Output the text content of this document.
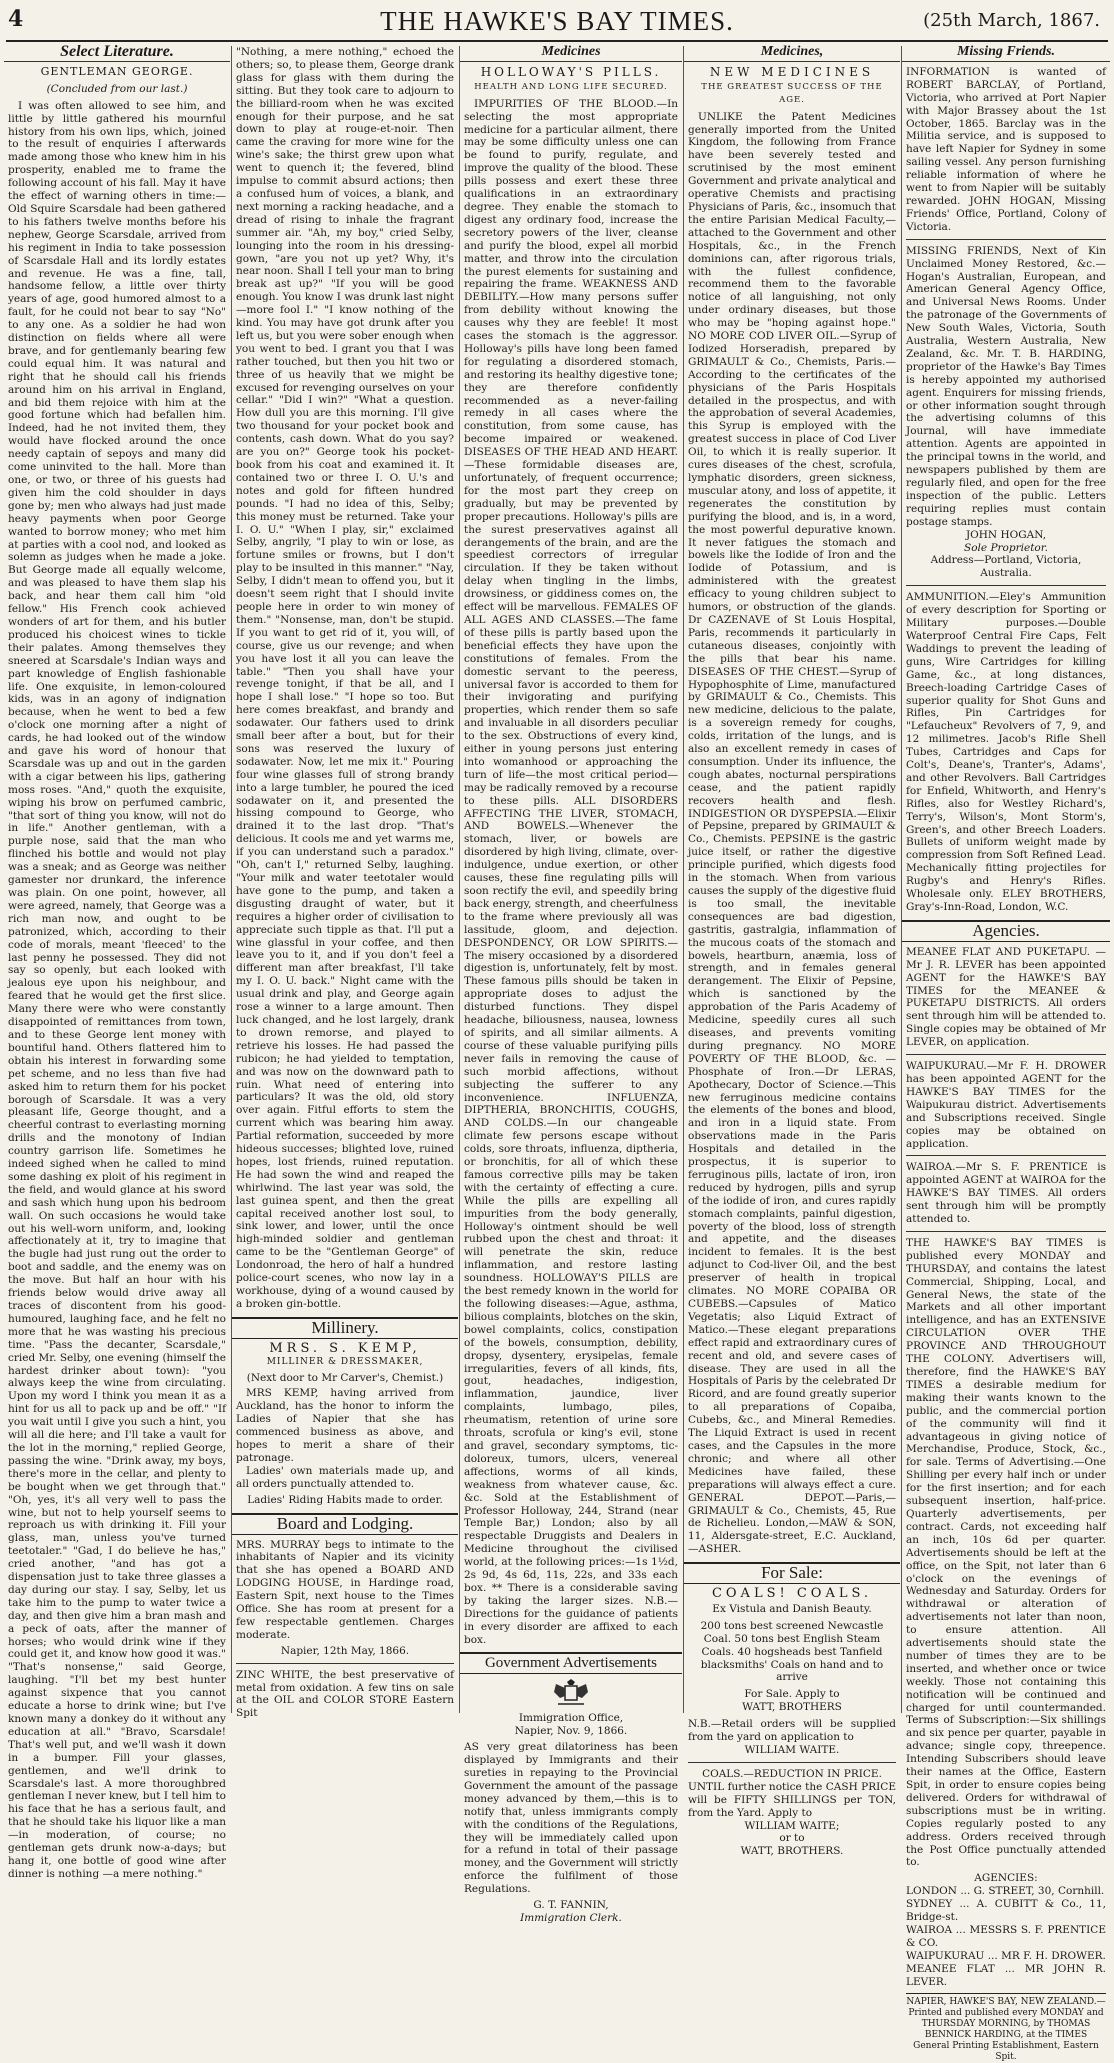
4	THE HAWKE'S BAY TIMES.	(25th March, 1867.
Select Literature.
GENTLEMAN GEORGE.
(Concluded from our last.)

I was often allowed to see him, and little by little gathered his mournful history from his own lips, which, joined to the result of enquiries I afterwards made among those who knew him in his prosperity, enabled me to frame the following account of his fall. May it have the effect of warning others in time:— Old Squire Scarsdale had been gathered to his fathers twelve months before his nephew, George Scarsdale, arrived from his regiment in India to take possession of Scarsdale Hall and its lordly estates and revenue. He was a fine, tall, handsome fellow, a little over thirty years of age, good humored almost to a fault, for he could not bear to say "No" to any one. As a soldier he had won distinction on fields where all were brave, and for gentlemanly bearing few could equal him. It was natural and right that he should call his friends around him on his arrival in England, and bid them rejoice with him at the good fortune which had befallen him. Indeed, had he not invited them, they would have flocked around the once needy captain of sepoys and many did come uninvited to the hall. More than one, or two, or three of his guests had given him the cold shoulder in days gone by; men who always had just made heavy payments when poor George wanted to borrow money; who met him at parties with a cool nod, and looked as solemn as judges when he made a joke. But George made all equally welcome, and was pleased to have them slap his back, and hear them call him "old fellow." His French cook achieved wonders of art for them, and his butler produced his choicest wines to tickle their palates. Among themselves they sneered at Scarsdale's Indian ways and part knowledge of English fashionable life. One exquisite, in lemon-coloured kids, was in an agony of indignation because, when he went to bed a few o'clock one morning after a night of cards, he had looked out of the window and gave his word of honour that Scarsdale was up and out in the garden with a cigar between his lips, gathering moss roses. "And," quoth the exquisite, wiping his brow on perfumed cambric, "that sort of thing you know, will not do in life." Another gentleman, with a purple nose, said that the man who flinched his bottle and would not play was a sneak; and as George was neither gamester nor drunkard, the inference was plain. On one point, however, all were agreed, namely, that George was a rich man now, and ought to be patronized, which, according to their code of morals, meant 'fleeced' to the last penny he possessed. They did not say so openly, but each looked with jealous eye upon his neighbour, and feared that he would get the first slice. Many there were who were constantly disappointed of remittances from town, and to these George lent money with bountiful hand. Others flattered him to obtain his interest in forwarding some pet scheme, and no less than five had asked him to return them for his pocket borough of Scarsdale. It was a very pleasant life, George thought, and a cheerful contrast to everlasting morning drills and the monotony of Indian country garrison life. Sometimes he indeed sighed when he called to mind some dashing ex ploit of his regiment in the field, and would glance at his sword and sash which hung upon his bedroom wall. On such occasions he would take out his well-worn uniform, and, looking affectionately at it, try to imagine that the bugle had just rung out the order to boot and saddle, and the enemy was on the move. But half an hour with his friends below would drive away all traces of discontent from his good-humoured, laughing face, and he felt no more that he was wasting his precious time. "Pass the decanter, Scarsdale," cried Mr. Selby, one evening (himself the hardest drinker about town): "you always keep the wine from circulating. Upon my word I think you mean it as a hint for us all to pack up and be off." "If you wait until I give you such a hint, you will all die here; and I'll take a vault for the lot in the morning," replied George, passing the wine. "Drink away, my boys, there's more in the cellar, and plenty to be bought when we get through that." "Oh, yes, it's all very well to pass the wine, but not to help yourself seems to reproach us with drinking it. Fill your glass, man, unless you've turned teetotaler." "Gad, I do believe he has," cried another, "and has got a dispensation just to take three glasses a day during our stay. I say, Selby, let us take him to the pump to water twice a day, and then give him a bran mash and a peck of oats, after the manner of horses; who would drink wine if they could get it, and know how good it was." "That's nonsense," said George, laughing. "I'll bet my best hunter against sixpence that you cannot educate a horse to drink wine; but I've known many a donkey do it without any education at all." "Bravo, Scarsdale! That's well put, and we'll wash it down in a bumper. Fill your glasses, gentlemen, and we'll drink to Scarsdale's last. A more thoroughbred gentleman I never knew, but I tell him to his face that he has a serious fault, and that he should take his liquor like a man —in moderation, of course; no gentleman gets drunk now-a-days; but hang it, one bottle of good wine after dinner is nothing —a mere nothing."

"Nothing, a mere nothing," echoed the others; so, to please them, George drank glass for glass with them during the sitting. But they took care to adjourn to the billiard-room when he was excited enough for their purpose, and he sat down to play at rouge-et-noir. Then came the craving for more wine for the wine's sake; the thirst grew upon what went to quench it; the fevered, blind impulse to commit absurd actions; then a confused hum of voices, a blank, and next morning a racking headache, and a dread of rising to inhale the fragrant summer air. "Ah, my boy," cried Selby, lounging into the room in his dressing-gown, "are you not up yet? Why, it's near noon. Shall I tell your man to bring break ast up?" "If you will be good enough. You know I was drunk last night—more fool I." "I know nothing of the kind. You may have got drunk after you left us, but you were sober enough when you went to bed. I grant you that I was rather touched, but then you hit two or three of us heavily that we might be excused for revenging ourselves on your cellar." "Did I win?" "What a question. How dull you are this morning. I'll give two thousand for your pocket book and contents, cash down. What do you say? are you on?" George took his pocket-book from his coat and examined it. It contained two or three I. O. U.'s and notes and gold for fifteen hundred pounds. "I had no idea of this, Selby; this money must be returned. Take your I. O. U." "When I play, sir," exclaimed Selby, angrily, "I play to win or lose, as fortune smiles or frowns, but I don't play to be insulted in this manner." "Nay, Selby, I didn't mean to offend you, but it doesn't seem right that I should invite people here in order to win money of them." "Nonsense, man, don't be stupid. If you want to get rid of it, you will, of course, give us our revenge; and when you have lost it all you can leave the table." "Then you shall have your revenge tonight, if that be all, and I hope I shall lose." "I hope so too. But here comes breakfast, and brandy and sodawater. Our fathers used to drink small beer after a bout, but for their sons was reserved the luxury of sodawater. Now, let me mix it." Pouring four wine glasses full of strong brandy into a large tumbler, he poured the iced sodawater on it, and presented the hissing compound to George, who drained it to the last drop. "That's delicious. It cools me and yet warms me, if you can understand such a paradox." "Oh, can't I," returned Selby, laughing. "Your milk and water teetotaler would have gone to the pump, and taken a disgusting draught of water, but it requires a higher order of civilisation to appreciate such tipple as that. I'll put a wine glassful in your coffee, and then leave you to it, and if you don't feel a different man after breakfast, I'll take my I. O. U. back." Night came with the usual drink and play, and George again rose a winner to a large amount. Then luck changed, and he lost largely, drank to drown remorse, and played to retrieve his losses. He had passed the rubicon; he had yielded to temptation, and was now on the downward path to ruin. What need of entering into particulars? It was the old, old story over again. Fitful efforts to stem the current which was bearing him away. Partial reformation, succeeded by more hideous successes; blighted love, ruined hopes, lost friends, ruined reputation. He had sown the wind and reaped the whirlwind. The last year was sold, the last guinea spent, and then the great capital received another lost soul, to sink lower, and lower, until the once high-minded soldier and gentleman came to be the "Gentleman George" of Londonroad, the hero of half a hundred police-court scenes, who now lay in a workhouse, dying of a wound caused by a broken gin-bottle.

Millinery.
MRS. S. KEMP,
MILLINER & DRESSMAKER,
(Next door to Mr Carver's, Chemist.)

MRS KEMP, having arrived from Auckland, has the honor to inform the Ladies of Napier that she has commenced business as above, and hopes to merit a share of their patronage.

Ladies' own materials made up, and all orders punctually attended to.

Ladies' Riding Habits made to order.
Board and Lodging.

MRS. MURRAY begs to intimate to the inhabitants of Napier and its vicinity that she has opened a BOARD AND LODGING HOUSE, in Hardinge road, Eastern Spit, next house to the Times Office. She has room at present for a few respectable gentlemen. Charges moderate.

Napier, 12th May, 1866.

ZINC WHITE, the best preservative of metal from oxidation. A few tins on sale at the OIL and COLOR STORE Eastern Spit

Medicines
HOLLOWAY'S PILLS.
HEALTH AND LONG LIFE SECURED.

IMPURITIES OF THE BLOOD.—In selecting the most appropriate medicine for a particular ailment, there may be some difficulty unless one can be found to purify, regulate, and improve the quality of the blood. These pills possess and exert these three qualifications in an extraordinary degree. They enable the stomach to digest any ordinary food, increase the secretory powers of the liver, cleanse and purify the blood, expel all morbid matter, and throw into the circulation the purest elements for sustaining and repairing the frame. WEAKNESS AND DEBILITY.—How many persons suffer from debility without knowing the causes why they are feeble! It most cases the stomach is the aggressor. Holloway's pills have long been famed for regulating a disordered stomach, and restoring its healthy digestive tone; they are therefore confidently recommended as a never-failing remedy in all cases where the constitution, from some cause, has become impaired or weakened. DISEASES OF THE HEAD AND HEART.—These formidable diseases are, unfortunately, of frequent occurrence; for the most part they creep on gradually, but may be prevented by proper precautions. Holloway's pills are the surest preservatives against all derangements of the brain, and are the speediest correctors of irregular circulation. If they be taken without delay when tingling in the limbs, drowsiness, or giddiness comes on, the effect will be marvellous. FEMALES OF ALL AGES AND CLASSES.—The fame of these pills is partly based upon the beneficial effects they have upon the constitutions of females. From the domestic servant to the peeress, universal favor is accorded to them for their invigorating and purifying properties, which render them so safe and invaluable in all disorders peculiar to the sex. Obstructions of every kind, either in young persons just entering into womanhood or approaching the turn of life—the most critical period—may be radically removed by a recourse to these pills. ALL DISORDERS AFFECTING THE LIVER, STOMACH, AND BOWELS.—Whenever the stomach, liver, or bowels are disordered by high living, climate, over-indulgence, undue exertion, or other causes, these fine regulating pills will soon rectify the evil, and speedily bring back energy, strength, and cheerfulness to the frame where previously all was lassitude, gloom, and dejection. DESPONDENCY, OR LOW SPIRITS.—The misery occasioned by a disordered digestion is, unfortunately, felt by most. These famous pills should be taken in appropriate doses to adjust the disturbed functions. They dispel headache, biliousness, nausea, lowness of spirits, and all similar ailments. A course of these valuable purifying pills never fails in removing the cause of such morbid affections, without subjecting the sufferer to any inconvenience. INFLUENZA, DIPTHERIA, BRONCHITIS, COUGHS, AND COLDS.—In our changeable climate few persons escape without colds, sore throats, influenza, diptheria, or bronchitis, for all of which these famous corrective pills may be taken with the certainty of effecting a cure. While the pills are expelling all impurities from the body generally, Holloway's ointment should be well rubbed upon the chest and throat: it will penetrate the skin, reduce inflammation, and restore lasting soundness. HOLLOWAY'S PILLS are the best remedy known in the world for the following diseases:—Ague, asthma, bilious complaints, blotches on the skin, bowel complaints, colics, constipation of the bowels, consumption, debility, dropsy, dysentery, erysipelas, female irregularities, fevers of all kinds, fits, gout, headaches, indigestion, inflammation, jaundice, liver complaints, lumbago, piles, rheumatism, retention of urine sore throats, scrofula or king's evil, stone and gravel, secondary symptoms, tic-doloreux, tumors, ulcers, venereal affections, worms of all kinds, weakness from whatever cause, &c. &c. Sold at the Establishment of Professor Holloway, 244, Strand (near Temple Bar,) London; also by all respectable Druggists and Dealers in Medicine throughout the civilised world, at the following prices:—1s 1½d, 2s 9d, 4s 6d, 11s, 22s, and 33s each box. ** There is a considerable saving by taking the larger sizes. N.B.—Directions for the guidance of patients in every disorder are affixed to each box.

Government Advertisements
Immigration Office,
Napier, Nov. 9, 1866.

AS very great dilatoriness has been displayed by Immigrants and their sureties in repaying to the Provincial Government the amount of the passage money advanced by them,—this is to notify that, unless immigrants comply with the conditions of the Regulations, they will be immediately called upon for a refund in total of their passage money, and the Government will strictly enforce the fulfilment of those Regulations.

G. T. FANNIN,
Immigration Clerk.
Medicines,
NEW MEDICINES
THE GREATEST SUCCESS OF THE AGE.

UNLIKE the Patent Medicines generally imported from the United Kingdom, the following from France have been severely tested and scrutinised by the most eminent Government and private analytical and operative Chemists and practising Physicians of Paris, &c., insomuch that the entire Parisian Medical Faculty,—attached to the Government and other Hospitals, &c., in the French dominions can, after rigorous trials, with the fullest confidence, recommend them to the favorable notice of all languishing, not only under ordinary diseases, but those who may be "hoping against hope." NO MORE COD LIVER OIL.—Syrup of Iodized Horseradish, prepared by GRIMAULT & Co., Chemists, Paris.—According to the certificates of the physicians of the Paris Hospitals detailed in the prospectus, and with the approbation of several Academies, this Syrup is employed with the greatest success in place of Cod Liver Oil, to which it is really superior. It cures diseases of the chest, scrofula, lymphatic disorders, green sickness, muscular atony, and loss of appetite, it regenerates the constitution by purifying the blood, and is, in a word, the most powerful depurative known. It never fatigues the stomach and bowels like the Iodide of Iron and the Iodide of Potassium, and is administered with the greatest efficacy to young children subject to humors, or obstruction of the glands. Dr CAZENAVE of St Louis Hospital, Paris, recommends it particularly in cutaneous diseases, conjointly with the pills that bear his name. DISEASES OF THE CHEST.—Syrup of Hypophosphite of Lime, manufactured by GRIMAULT & Co., Chemists. This new medicine, delicious to the palate, is a sovereign remedy for coughs, colds, irritation of the lungs, and is also an excellent remedy in cases of consumption. Under its influence, the cough abates, nocturnal perspirations cease, and the patient rapidly recovers health and flesh. INDIGESTION OR DYSPEPSIA.—Elixir of Pepsine, prepared by GRIMAULT & Co., Chemists. PEPSINE is the gastric juice itself, or rather the digestive principle purified, which digests food in the stomach. When from various causes the supply of the digestive fluid is too small, the inevitable consequences are bad digestion, gastritis, gastralgia, inflammation of the mucous coats of the stomach and bowels, heartburn, anæmia, loss of strength, and in females general derangement. The Elixir of Pepsine, which is sanctioned by the approbation of the Paris Academy of Medicine, speedily cures all such diseases, and prevents vomiting during pregnancy. NO MORE POVERTY OF THE BLOOD, &c. —Phosphate of Iron.—Dr LERAS, Apothecary, Doctor of Science.—This new ferruginous medicine contains the elements of the bones and blood, and iron in a liquid state. From observations made in the Paris Hospitals and detailed in the prospectus, it is superior to ferruginous pills, lactate of iron, iron reduced by hydrogen, pills and syrup of the iodide of iron, and cures rapidly stomach complaints, painful digestion, poverty of the blood, loss of strength and appetite, and the diseases incident to females. It is the best adjunct to Cod-liver Oil, and the best preserver of health in tropical climates. NO MORE COPAIBA OR CUBEBS.—Capsules of Matico Vegetatis; also Liquid Extract of Matico.—These elegant preparations effect rapid and extraordinary cures of recent and old, and severe cases of disease. They are used in all the Hospitals of Paris by the celebrated Dr Ricord, and are found greatly superior to all preparations of Copaiba, Cubebs, &c., and Mineral Remedies. The Liquid Extract is used in recent cases, and the Capsules in the more chronic; and where all other Medicines have failed, these preparations will always effect a cure. GENERAL DEPOT.—Paris,—GRIMAULT & Co., Chemists, 45, Rue de Richelieu. London,—MAW & SON, 11, Aldersgate-street, E.C. Auckland,—ASHER.

For Sale:
COALS! COALS.
Ex Vistula and Danish Beauty.
200 tons best screened Newcastle Coal. 50 tons best English Steam Coals. 40 hogsheads best Tanfield blacksmiths' Coals on hand and to arrive
For Sale. Apply to
WATT, BROTHERS

N.B.—Retail orders will be supplied from the yard on application to

WILLIAM WAITE.
COALS.—REDUCTION IN PRICE.

UNTIL further notice the CASH PRICE will be FIFTY SHILLINGS per TON, from the Yard. Apply to

WILLIAM WAITE;
or to
WATT, BROTHERS.
Missing Friends.

INFORMATION is wanted of ROBERT BARCLAY, of Portland, Victoria, who arrived at Port Napier with Major Brassey about the 1st October, 1865. Barclay was in the Militia service, and is supposed to have left Napier for Sydney in some sailing vessel. Any person furnishing reliable information of where he went to from Napier will be suitably rewarded. JOHN HOGAN, Missing Friends' Office, Portland, Colony of Victoria.

MISSING FRIENDS, Next of Kin Unclaimed Money Restored, &c.— Hogan's Australian, European, and American General Agency Office, and Universal News Rooms. Under the patronage of the Governments of New South Wales, Victoria, South Australia, Western Australia, New Zealand, &c. Mr. T. B. HARDING, proprietor of the Hawke's Bay Times is hereby appointed my authorised agent. Enquirers for missing friends, or other information sought through the advertising columns of this Journal, will have immediate attention. Agents are appointed in the principal towns in the world, and newspapers published by them are regularly filed, and open for the free inspection of the public. Letters requiring replies must contain postage stamps.

JOHN HOGAN,
Sole Proprietor.
Address—Portland, Victoria, Australia.

AMMUNITION.—Eley's Ammunition of every description for Sporting or Military purposes.—Double Waterproof Central Fire Caps, Felt Waddings to prevent the leading of guns, Wire Cartridges for killing Game, &c., at long distances, Breech-loading Cartridge Cases of superior quality for Shot Guns and Rifles, Pin Cartridges for "Lefaucheux" Revolvers of 7, 9, and 12 milimetres. Jacob's Rifle Shell Tubes, Cartridges and Caps for Colt's, Deane's, Tranter's, Adams', and other Revolvers. Ball Cartridges for Enfield, Whitworth, and Henry's Rifles, also for Westley Richard's, Terry's, Wilson's, Mont Storm's, Green's, and other Breech Loaders. Bullets of uniform weight made by compression from Soft Refined Lead. Mechanically fitting projectiles for Rugby's and Henry's Rifles. Wholesale only. ELEY BROTHERS, Gray's-Inn-Road, London, W.C.

Agencies.

MEANEE FLAT AND PUKETAPU. —Mr J. R. LEVER has been appointed AGENT for the HAWKE'S BAY TIMES for the MEANEE & PUKETAPU DISTRICTS. All orders sent through him will be attended to. Single copies may be obtained of Mr LEVER, on application.

WAIPUKURAU.—Mr F. H. DROWER has been appointed AGENT for the HAWKE'S BAY TIMES for the Waipukurau district. Advertisements and Subscriptions received. Single copies may be obtained on application.

WAIROA.—Mr S. F. PRENTICE is appointed AGENT at WAIROA for the HAWKE'S BAY TIMES. All orders sent through him will be promptly attended to.

THE HAWKE'S BAY TIMES is published every MONDAY and THURSDAY, and contains the latest Commercial, Shipping, Local, and General News, the state of the Markets and all other important intelligence, and has an EXTENSIVE CIRCULATION OVER THE PROVINCE AND THROUGHOUT THE COLONY. Advertisers will, therefore, find the HAWKE'S BAY TIMES a desirable medium for making their wants known to the public, and the commercial portion of the community will find it advantageous in giving notice of Merchandise, Produce, Stock, &c., for sale. Terms of Advertising.—One Shilling per every half inch or under for the first insertion; and for each subsequent insertion, half-price. Quarterly advertisements, per contract. Cards, not exceeding half an inch, 10s 6d per quarter. Advertisements should be left at the office, on the Spit, not later than 6 o'clock on the evenings of Wednesday and Saturday. Orders for withdrawal or alteration of advertisements not later than noon, to ensure attention. All advertisements should state the number of times they are to be inserted, and whether once or twice weekly. Those not containing this notification will be continued and charged for until countermanded. Terms of Subscription:—Six shillings and six pence per quarter, payable in advance; single copy, threepence. Intending Subscribers should leave their names at the Office, Eastern Spit, in order to ensure copies being delivered. Orders for withdrawal of subscriptions must be in writing. Copies regularly posted to any address. Orders received through the Post Office punctually attended to.

AGENCIES:
LONDON ... G. STREET, 30, Cornhill.
SYDNEY ... A. CUBITT & Co., 11, Bridge-st.
WAIROA ... MESSRS S. F. PRENTICE & CO.
WAIPUKURAU ... MR F. H. DROWER.
MEANEE FLAT ... MR JOHN R. LEVER.
NAPIER, HAWKE'S BAY, NEW ZEALAND.—Printed and published every MONDAY and THURSDAY MORNING, by THOMAS BENNICK HARDING, at the TIMES General Printing Establishment, Eastern Spit.
